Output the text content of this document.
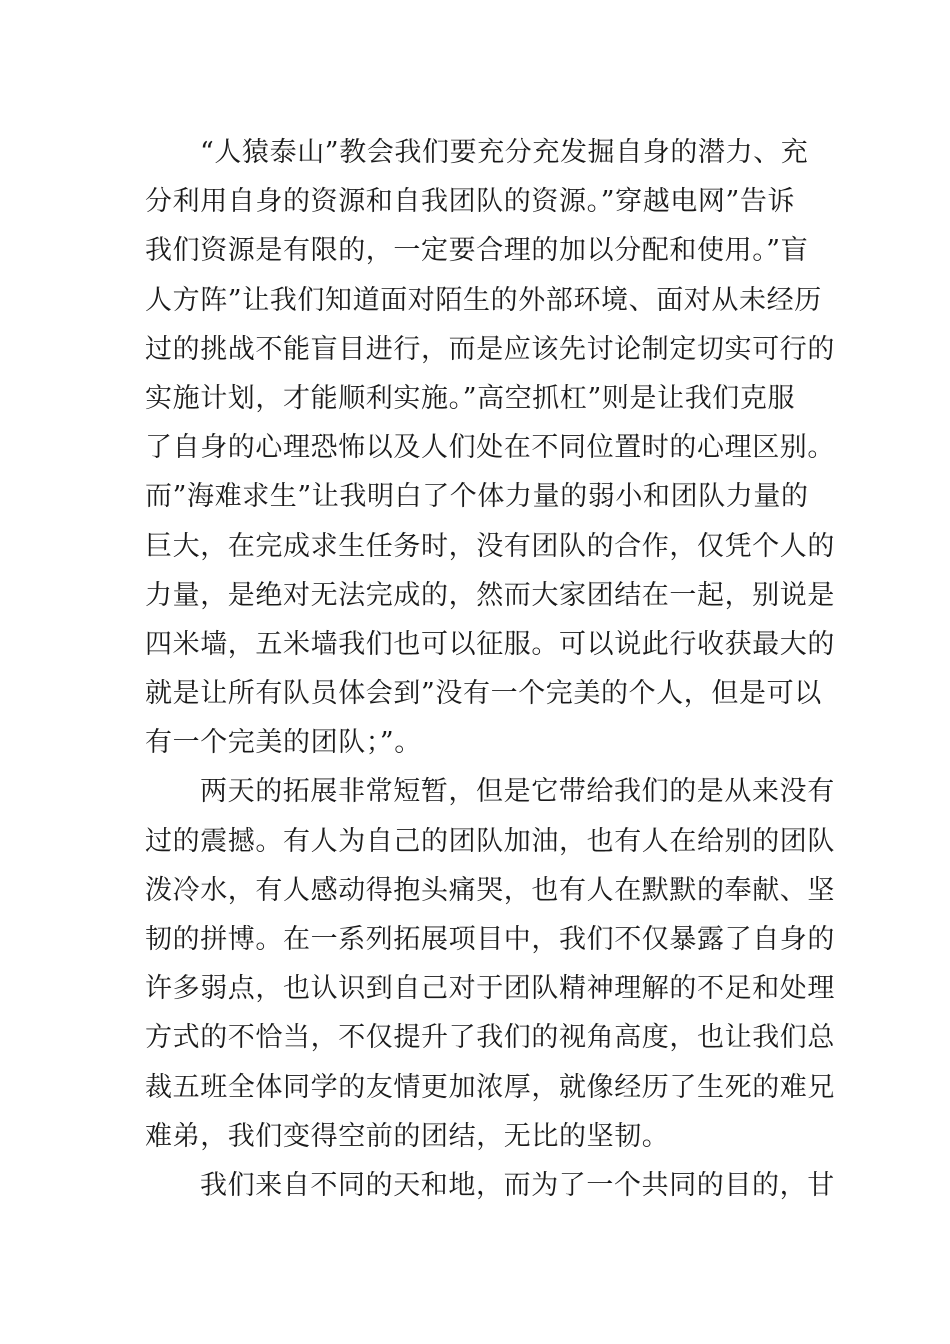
“人猿泰山”教会我们要充分充发掘自身的潜力、充
分利用自身的资源和自我团队的资源。”穿越电网”告诉
我们资源是有限的，一定要合理的加以分配和使用。”盲
人方阵”让我们知道面对陌生的外部环境、面对从未经历
过的挑战不能盲目进行，而是应该先讨论制定切实可行的
实施计划，才能顺利实施。”高空抓杠”则是让我们克服
了自身的心理恐怖以及人们处在不同位置时的心理区别。
而”海难求生”让我明白了个体力量的弱小和团队力量的
巨大，在完成求生任务时，没有团队的合作，仅凭个人的
力量，是绝对无法完成的，然而大家团结在一起，别说是
四米墙，五米墙我们也可以征服。可以说此行收获最大的
就是让所有队员体会到”没有一个完美的个人，但是可以
有一个完美的团队；”。
两天的拓展非常短暂，但是它带给我们的是从来没有
过的震撼。有人为自己的团队加油，也有人在给别的团队
泼冷水，有人感动得抱头痛哭，也有人在默默的奉献、坚
韧的拼博。在一系列拓展项目中，我们不仅暴露了自身的
许多弱点，也认识到自己对于团队精神理解的不足和处理
方式的不恰当，不仅提升了我们的视角高度，也让我们总
裁五班全体同学的友情更加浓厚，就像经历了生死的难兄
难弟，我们变得空前的团结，无比的坚韧。
我们来自不同的天和地，而为了一个共同的目的，甘
